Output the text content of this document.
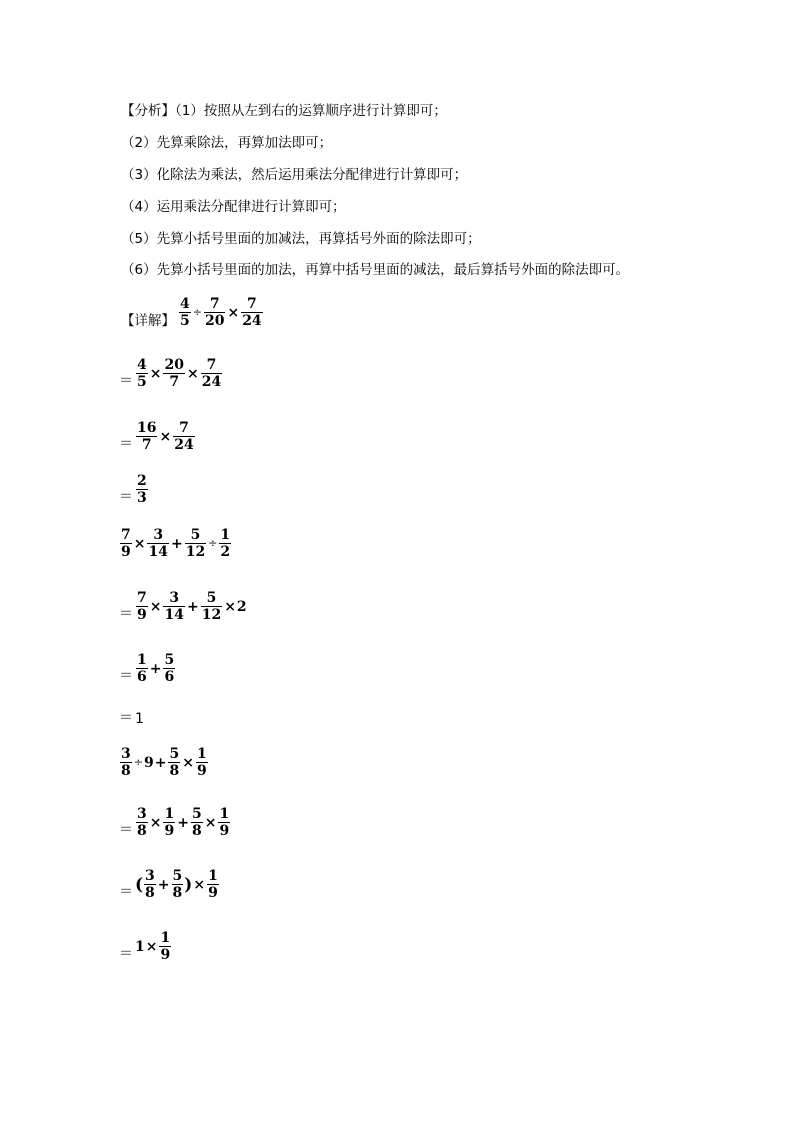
【分析】（1）按照从左到右的运算顺序进行计算即可；
（2）先算乘除法，再算加法即可；
（3）化除法为乘法，然后运用乘法分配律进行计算即可；
（4）运用乘法分配律进行计算即可；
（5）先算小括号里面的加减法，再算括号外面的除法即可；
（6）先算小括号里面的加法，再算中括号里面的减法，最后算括号外面的除法即可。
【详解】 $\frac{4}{5} \div \frac{7}{20} \times \frac{7}{24}$
＝ $\frac{4}{5} \times \frac{20}{7} \times \frac{7}{24}$
＝ $\frac{16}{7} \times \frac{7}{24}$
＝ $\frac{2}{3}$
$\frac{7}{9} \times \frac{3}{14} + \frac{5}{12} \div \frac{1}{2}$
＝ $\frac{7}{9} \times \frac{3}{14} + \frac{5}{12} \times 2$
＝ $\frac{1}{6} + \frac{5}{6}$
＝ 1
$\frac{3}{8} \div 9 + \frac{5}{8} \times \frac{1}{9}$
＝ $\frac{3}{8} \times \frac{1}{9} + \frac{5}{8} \times \frac{1}{9}$
＝ ( $\frac{3}{8} + \frac{5}{8}$ ) × $\frac{1}{9}$
＝ $1 \times \frac{1}{9}$
